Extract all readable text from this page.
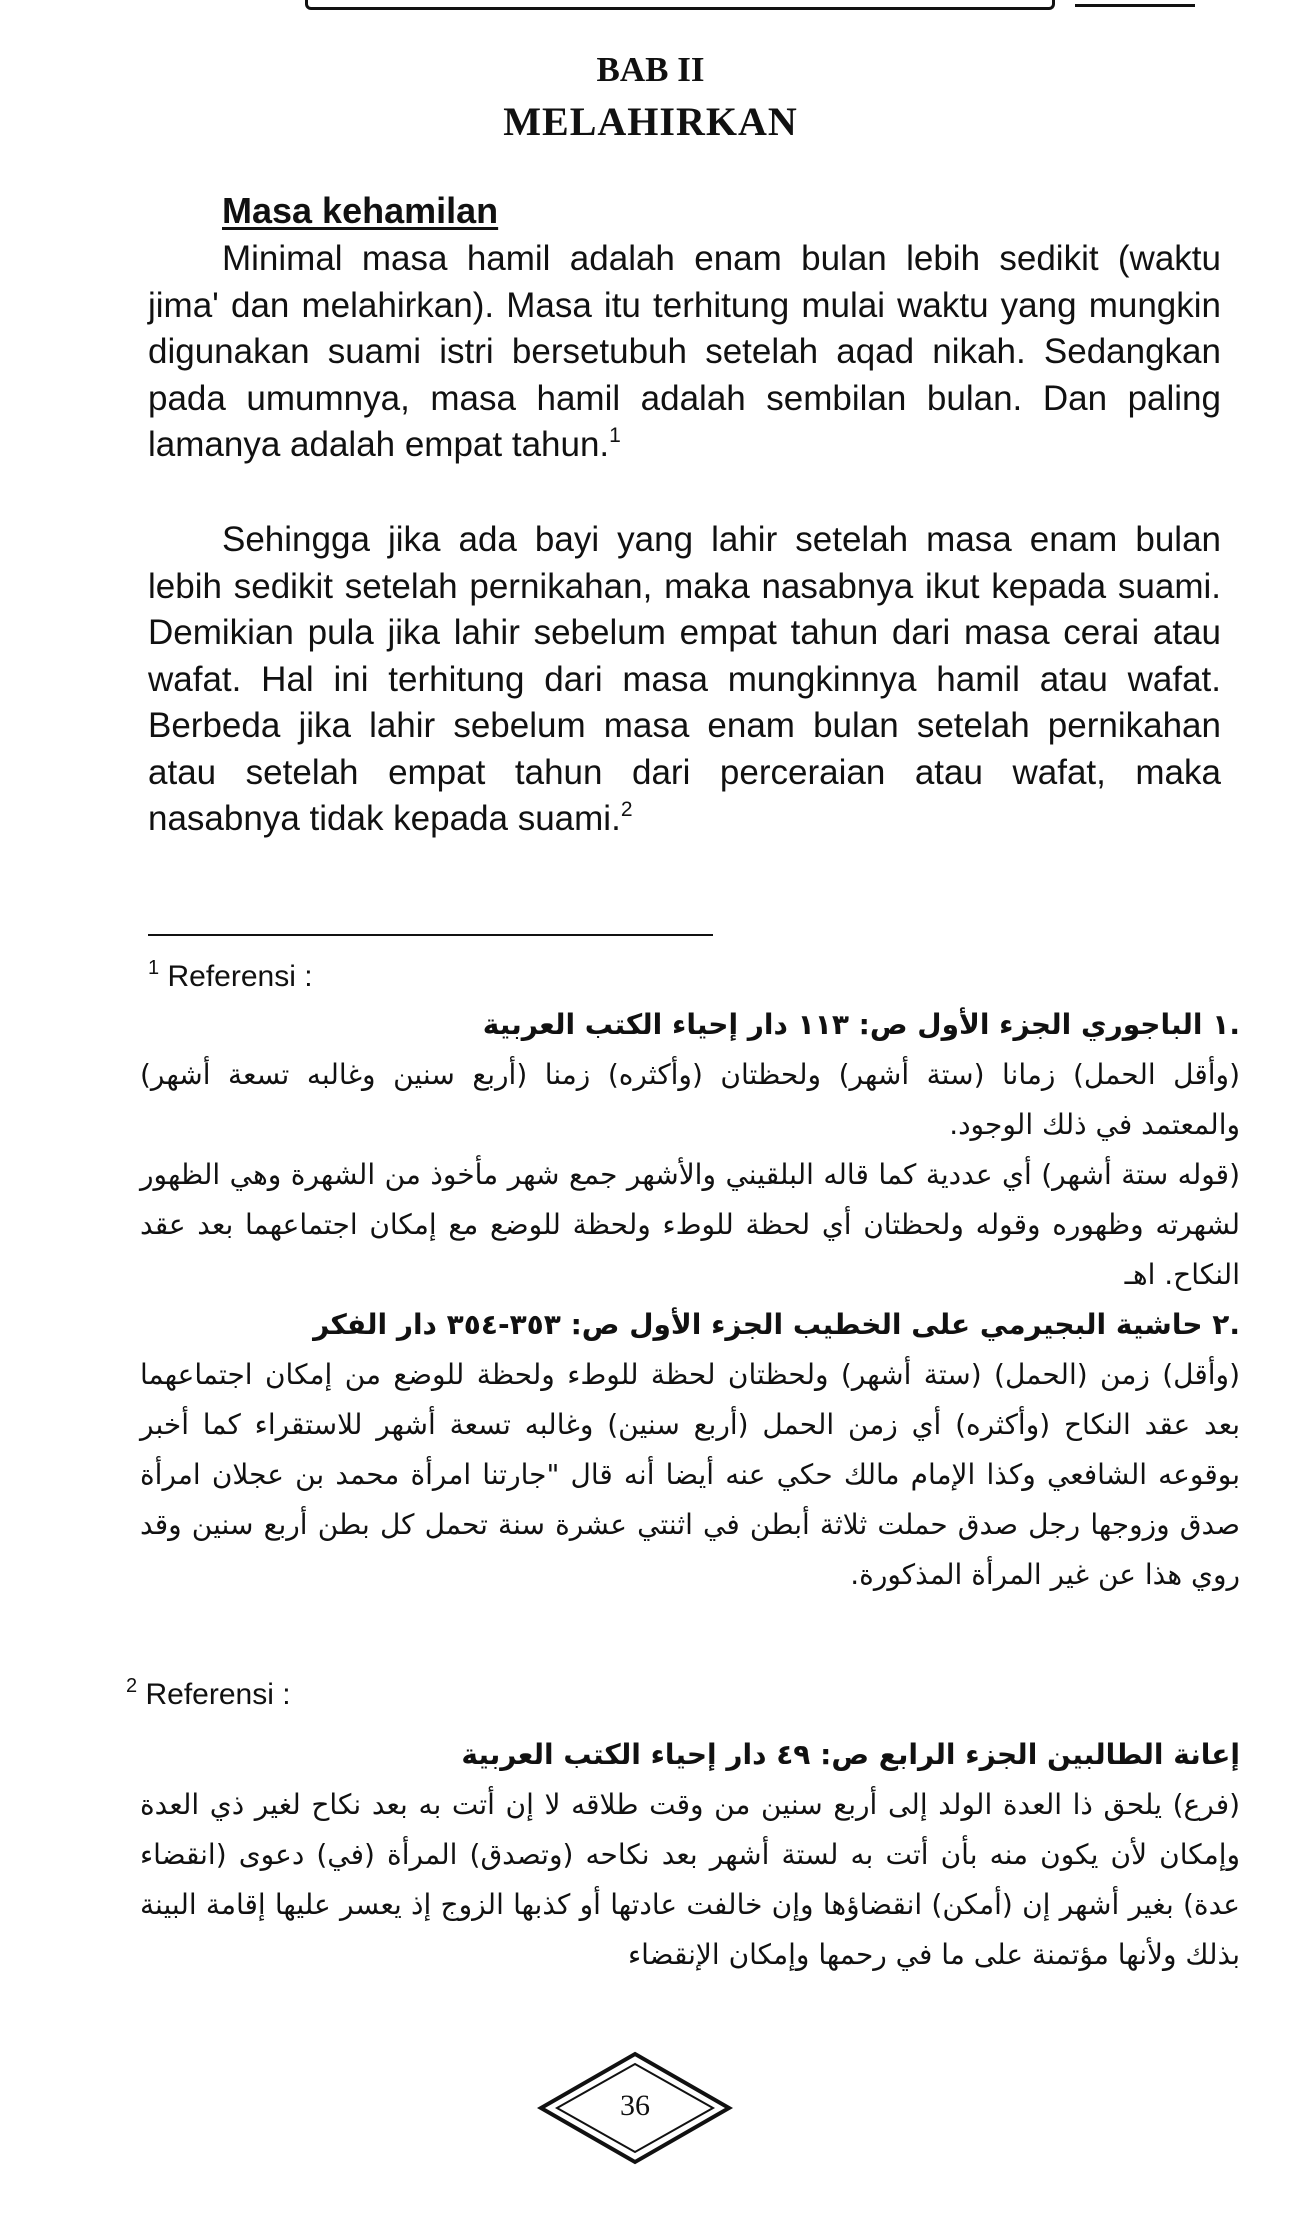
BAB II
MELAHIRKAN
Masa kehamilan

Minimal masa hamil adalah enam bulan lebih sedikit (waktu jima' dan melahirkan). Masa itu terhitung mulai waktu yang mungkin digunakan suami istri bersetubuh setelah aqad nikah. Sedangkan pada umumnya, masa hamil adalah sembilan bulan. Dan paling lamanya adalah empat tahun.$^1$

Sehingga jika ada bayi yang lahir setelah masa enam bulan lebih sedikit setelah pernikahan, maka nasabnya ikut kepada suami. Demikian pula jika lahir sebelum empat tahun dari masa cerai atau wafat. Hal ini terhitung dari masa mungkinnya hamil atau wafat. Berbeda jika lahir sebelum masa enam bulan setelah pernikahan atau setelah empat tahun dari perceraian atau wafat, maka nasabnya tidak kepada suami.$^2$

$^1$ Referensi :

.١ الباجوري الجزء الأول ص: ١١٣ دار إحياء الكتب العربية

(وأقل الحمل) زمانا (ستة أشهر) ولحظتان (وأكثره) زمنا (أربع سنين وغالبه تسعة أشهر) والمعتمد في ذلك الوجود.

(قوله ستة أشهر) أي عددية كما قاله البلقيني والأشهر جمع شهر مأخوذ من الشهرة وهي الظهور لشهرته وظهوره وقوله ولحظتان أي لحظة للوطء ولحظة للوضع مع إمكان اجتماعهما بعد عقد النكاح. اهـ

.٢ حاشية البجيرمي على الخطيب الجزء الأول ص: ٣٥٣-٣٥٤ دار الفكر

(وأقل) زمن (الحمل) (ستة أشهر) ولحظتان لحظة للوطء ولحظة للوضع من إمكان اجتماعهما بعد عقد النكاح (وأكثره) أي زمن الحمل (أربع سنين) وغالبه تسعة أشهر للاستقراء كما أخبر بوقوعه الشافعي وكذا الإمام مالك حكي عنه أيضا أنه قال "جارتنا امرأة محمد بن عجلان امرأة صدق وزوجها رجل صدق حملت ثلاثة أبطن في اثنتي عشرة سنة تحمل كل بطن أربع سنين وقد روي هذا عن غير المرأة المذكورة.

$^2$ Referensi :

إعانة الطالبين الجزء الرابع ص: ٤٩ دار إحياء الكتب العربية

(فرع) يلحق ذا العدة الولد إلى أربع سنين من وقت طلاقه لا إن أتت به بعد نكاح لغير ذي العدة وإمكان لأن يكون منه بأن أتت به لستة أشهر بعد نكاحه (وتصدق) المرأة (في) دعوى (انقضاء عدة) بغير أشهر إن (أمكن) انقضاؤها وإن خالفت عادتها أو كذبها الزوج إذ يعسر عليها إقامة البينة بذلك ولأنها مؤتمنة على ما في رحمها وإمكان الإنقضاء

36
